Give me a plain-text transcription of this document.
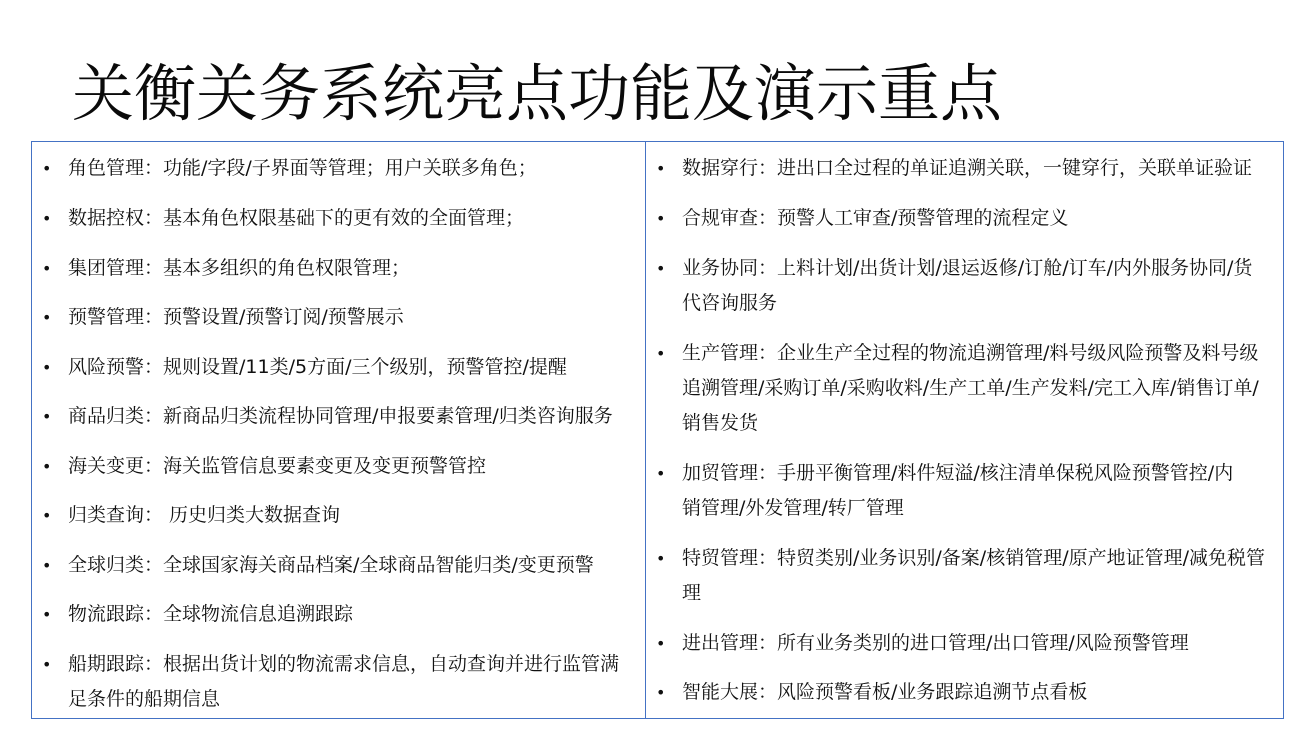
关衡关务系统亮点功能及演示重点
• 角色管理：功能/字段/子界面等管理；用户关联多角色；
• 数据控权：基本角色权限基础下的更有效的全面管理；
• 集团管理：基本多组织的角色权限管理；
• 预警管理：预警设置/预警订阅/预警展示
• 风险预警：规则设置/11类/5方面/三个级别，预警管控/提醒
• 商品归类：新商品归类流程协同管理/申报要素管理/归类咨询服务
• 海关变更：海关监管信息要素变更及变更预警管控
• 归类查询： 历史归类大数据查询
• 全球归类：全球国家海关商品档案/全球商品智能归类/变更预警
• 物流跟踪：全球物流信息追溯跟踪
• 船期跟踪：根据出货计划的物流需求信息，自动查询并进行监管满足条件的船期信息
• 数据穿行：进出口全过程的单证追溯关联，一键穿行，关联单证验证
• 合规审查：预警人工审查/预警管理的流程定义
• 业务协同：上料计划/出货计划/退运返修/订舱/订车/内外服务协同/货代咨询服务
• 生产管理：企业生产全过程的物流追溯管理/料号级风险预警及料号级追溯管理/采购订单/采购收料/生产工单/生产发料/完工入库/销售订单/销售发货
• 加贸管理：手册平衡管理/料件短溢/核注清单保税风险预警管控/内销管理/外发管理/转厂管理
• 特贸管理：特贸类别/业务识别/备案/核销管理/原产地证管理/减免税管理
• 进出管理：所有业务类别的进口管理/出口管理/风险预警管理
• 智能大展：风险预警看板/业务跟踪追溯节点看板
